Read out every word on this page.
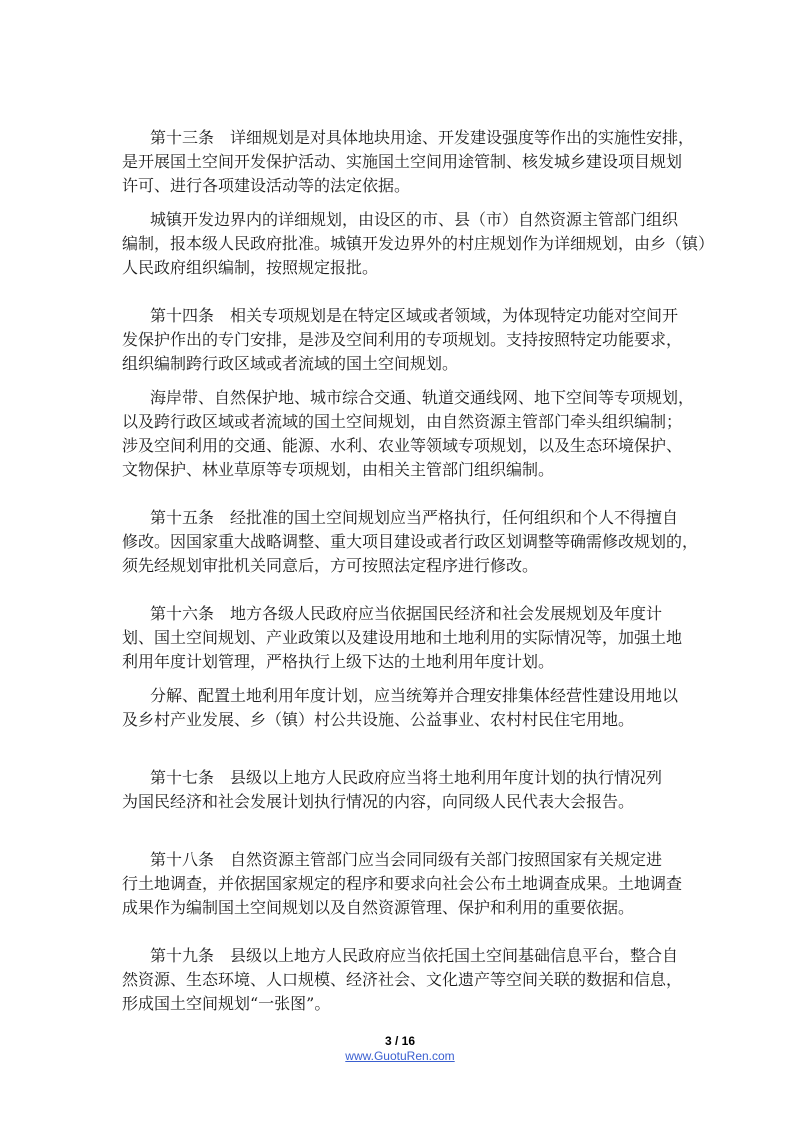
第十三条　详细规划是对具体地块用途、开发建设强度等作出的实施性安排，
是开展国土空间开发保护活动、实施国土空间用途管制、核发城乡建设项目规划
许可、进行各项建设活动等的法定依据。
城镇开发边界内的详细规划，由设区的市、县（市）自然资源主管部门组织
编制，报本级人民政府批准。城镇开发边界外的村庄规划作为详细规划，由乡（镇）
人民政府组织编制，按照规定报批。
第十四条　相关专项规划是在特定区域或者领域，为体现特定功能对空间开
发保护作出的专门安排，是涉及空间利用的专项规划。支持按照特定功能要求，
组织编制跨行政区域或者流域的国土空间规划。
海岸带、自然保护地、城市综合交通、轨道交通线网、地下空间等专项规划，
以及跨行政区域或者流域的国土空间规划，由自然资源主管部门牵头组织编制；
涉及空间利用的交通、能源、水利、农业等领域专项规划，以及生态环境保护、
文物保护、林业草原等专项规划，由相关主管部门组织编制。
第十五条　经批准的国土空间规划应当严格执行，任何组织和个人不得擅自
修改。因国家重大战略调整、重大项目建设或者行政区划调整等确需修改规划的，
须先经规划审批机关同意后，方可按照法定程序进行修改。
第十六条　地方各级人民政府应当依据国民经济和社会发展规划及年度计
划、国土空间规划、产业政策以及建设用地和土地利用的实际情况等，加强土地
利用年度计划管理，严格执行上级下达的土地利用年度计划。
分解、配置土地利用年度计划，应当统筹并合理安排集体经营性建设用地以
及乡村产业发展、乡（镇）村公共设施、公益事业、农村村民住宅用地。
第十七条　县级以上地方人民政府应当将土地利用年度计划的执行情况列
为国民经济和社会发展计划执行情况的内容，向同级人民代表大会报告。
第十八条　自然资源主管部门应当会同同级有关部门按照国家有关规定进
行土地调查，并依据国家规定的程序和要求向社会公布土地调查成果。土地调查
成果作为编制国土空间规划以及自然资源管理、保护和利用的重要依据。
第十九条　县级以上地方人民政府应当依托国土空间基础信息平台，整合自
然资源、生态环境、人口规模、经济社会、文化遗产等空间关联的数据和信息，
形成国土空间规划“一张图”。
3 / 16
www.GuotuRen.com
